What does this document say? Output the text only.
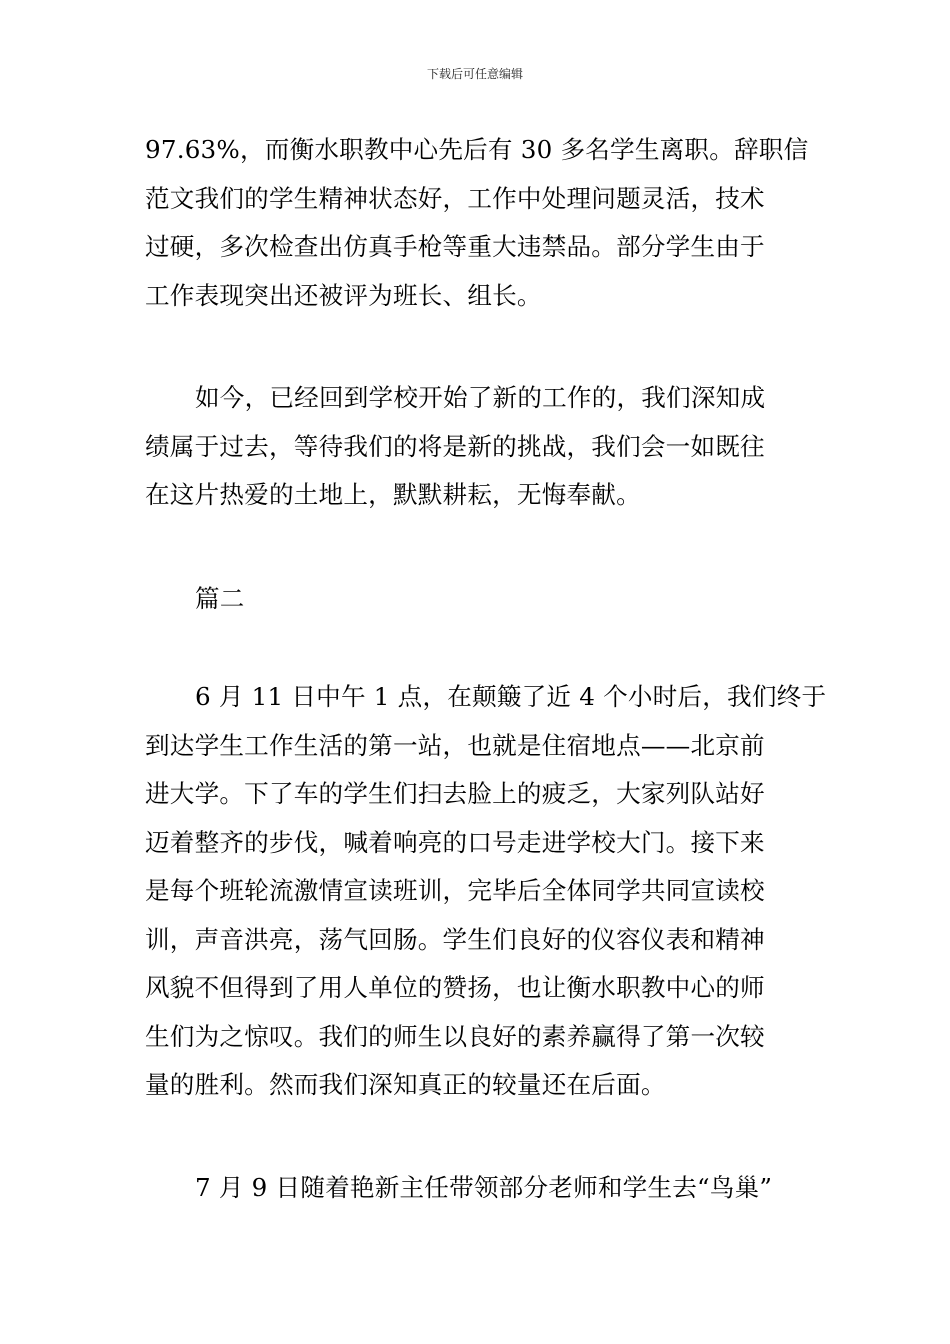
下载后可任意编辑
97.63%，而衡水职教中心先后有 30 多名学生离职。辞职信
范文我们的学生精神状态好，工作中处理问题灵活，技术
过硬，多次检查出仿真手枪等重大违禁品。部分学生由于
工作表现突出还被评为班长、组长。
如今，已经回到学校开始了新的工作的，我们深知成
绩属于过去，等待我们的将是新的挑战，我们会一如既往
在这片热爱的土地上，默默耕耘，无悔奉献。
篇二
6 月 11 日中午 1 点，在颠簸了近 4 个小时后，我们终于
到达学生工作生活的第一站，也就是住宿地点——北京前
进大学。下了车的学生们扫去脸上的疲乏，大家列队站好
迈着整齐的步伐，喊着响亮的口号走进学校大门。接下来
是每个班轮流激情宣读班训，完毕后全体同学共同宣读校
训，声音洪亮，荡气回肠。学生们良好的仪容仪表和精神
风貌不但得到了用人单位的赞扬，也让衡水职教中心的师
生们为之惊叹。我们的师生以良好的素养赢得了第一次较
量的胜利。然而我们深知真正的较量还在后面。
7 月 9 日随着艳新主任带领部分老师和学生去“鸟巢”
